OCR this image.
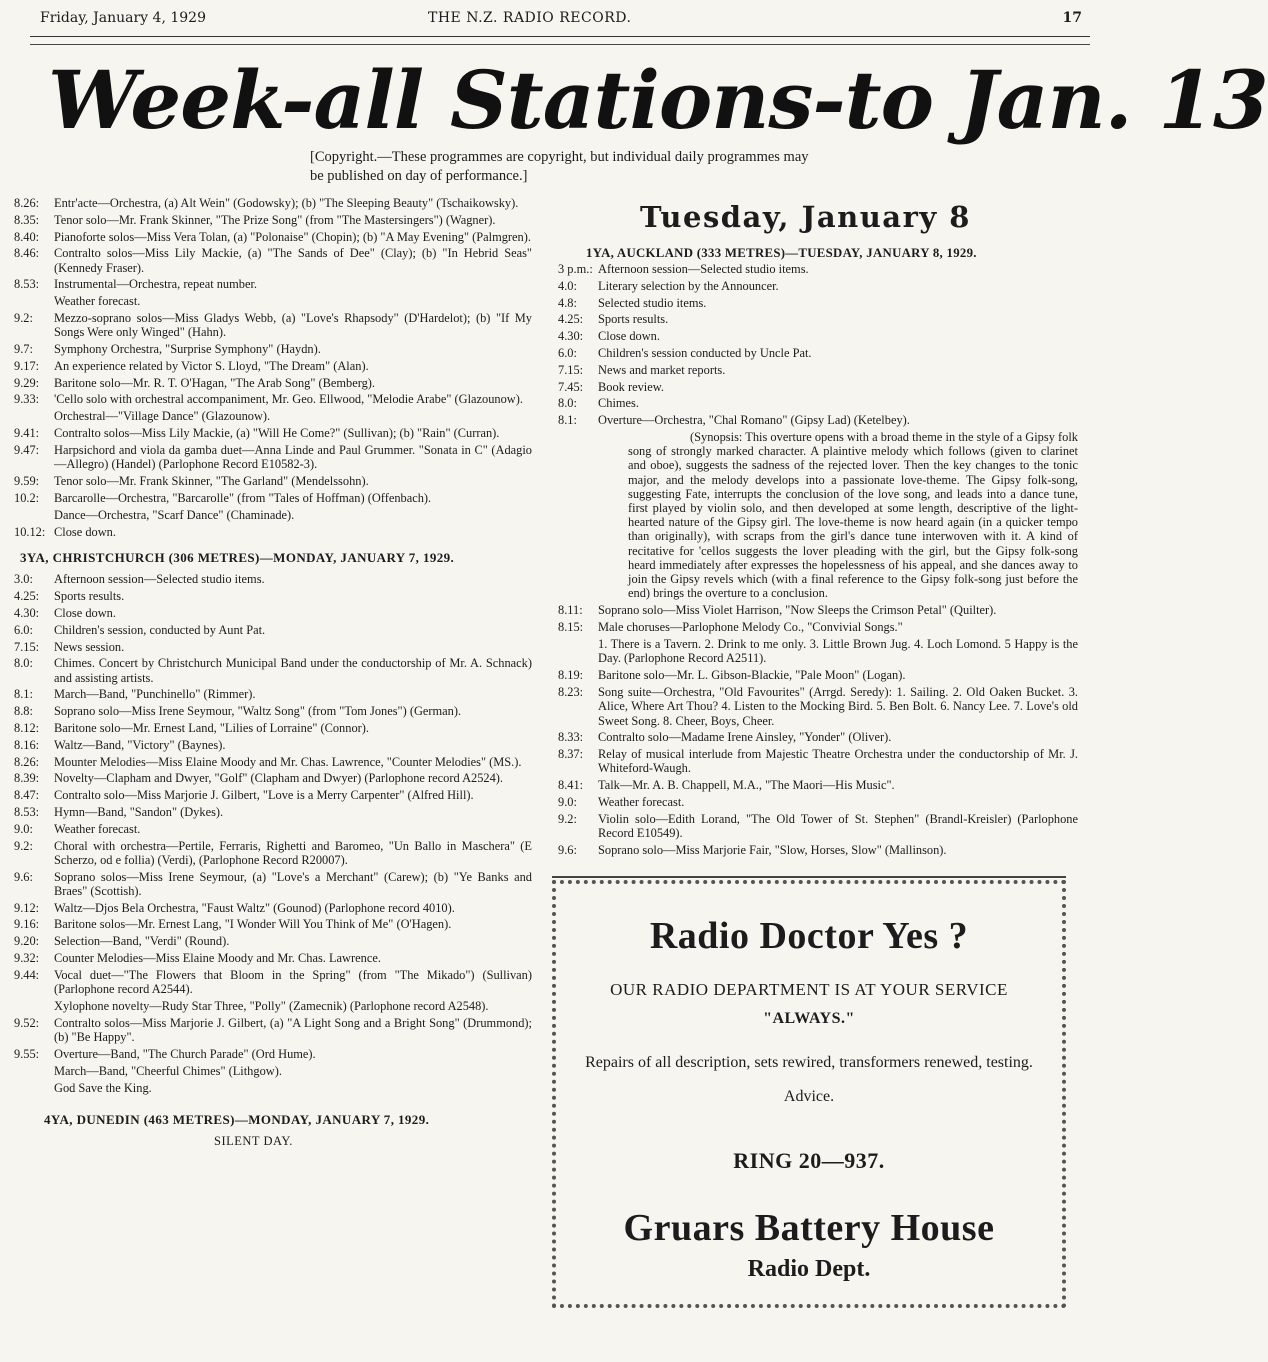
Friday, January 4, 1929	THE N.Z. RADIO RECORD.	17
Week-all Stations-to Jan. 13
[Copyright.—These programmes are copyright, but individual daily programmes may be published on day of performance.]
8.26:	Entr'acte—Orchestra, (a) Alt Wein" (Godowsky); (b) "The Sleeping Beauty" (Tschaikowsky).
8.35:	Tenor solo—Mr. Frank Skinner, "The Prize Song" (from "The Mastersingers") (Wagner).
8.40:	Pianoforte solos—Miss Vera Tolan, (a) "Polonaise" (Chopin); (b) "A May Evening" (Palmgren).
8.46:	Contralto solos—Miss Lily Mackie, (a) "The Sands of Dee" (Clay); (b) "In Hebrid Seas" (Kennedy Fraser).
8.53:	Instrumental—Orchestra, repeat number.
Weather forecast.
9.2:	Mezzo-soprano solos—Miss Gladys Webb, (a) "Love's Rhapsody" (D'Hardelot); (b) "If My Songs Were only Winged" (Hahn).
9.7:	Symphony Orchestra, "Surprise Symphony" (Haydn).
9.17:	An experience related by Victor S. Lloyd, "The Dream" (Alan).
9.29:	Baritone solo—Mr. R. T. O'Hagan, "The Arab Song" (Bemberg).
9.33:	'Cello solo with orchestral accompaniment, Mr. Geo. Ellwood, "Melodie Arabe" (Glazounow).
Orchestral—"Village Dance" (Glazounow).
9.41:	Contralto solos—Miss Lily Mackie, (a) "Will He Come?" (Sullivan); (b) "Rain" (Curran).
9.47:	Harpsichord and viola da gamba duet—Anna Linde and Paul Grummer. "Sonata in C" (Adagio—Allegro) (Handel) (Parlophone Record E10582-3).
9.59:	Tenor solo—Mr. Frank Skinner, "The Garland" (Mendelssohn).
10.2:	Barcarolle—Orchestra, "Barcarolle" (from "Tales of Hoffman) (Offenbach).
Dance—Orchestra, "Scarf Dance" (Chaminade).
10.12: Close down.
3YA, CHRISTCHURCH (306 METRES)—MONDAY, JANUARY 7, 1929.
3.0:	Afternoon session—Selected studio items.
4.25:	Sports results.
4.30:	Close down.
6.0:	Children's session, conducted by Aunt Pat.
7.15:	News session.
8.0:	Chimes. Concert by Christchurch Municipal Band under the conductorship of Mr. A. Schnack) and assisting artists.
8.1:	March—Band, "Punchinello" (Rimmer).
8.8:	Soprano solo—Miss Irene Seymour, "Waltz Song" (from "Tom Jones") (German).
8.12:	Baritone solo—Mr. Ernest Land, "Lilies of Lorraine" (Connor).
8.16:	Waltz—Band, "Victory" (Baynes).
8.26:	Mounter Melodies—Miss Elaine Moody and Mr. Chas. Lawrence, "Counter Melodies" (MS.).
8.39:	Novelty—Clapham and Dwyer, "Golf" (Clapham and Dwyer) (Parlophone record A2524).
8.47:	Contralto solo—Miss Marjorie J. Gilbert, "Love is a Merry Carpenter" (Alfred Hill).
8.53:	Hymn—Band, "Sandon" (Dykes).
9.0:	Weather forecast.
9.2:	Choral with orchestra—Pertile, Ferraris, Righetti and Baromeo, "Un Ballo in Maschera" (E Scherzo, od e follia) (Verdi), (Parlophone Record R20007).
9.6:	Soprano solos—Miss Irene Seymour, (a) "Love's a Merchant" (Carew); (b) "Ye Banks and Braes" (Scottish).
9.12:	Waltz—Djos Bela Orchestra, "Faust Waltz" (Gounod) (Parlophone record 4010).
9.16:	Baritone solos—Mr. Ernest Lang, "I Wonder Will You Think of Me" (O'Hagen).
9.20:	Selection—Band, "Verdi" (Round).
9.32:	Counter Melodies—Miss Elaine Moody and Mr. Chas. Lawrence.
9.44:	Vocal duet—"The Flowers that Bloom in the Spring" (from "The Mikado") (Sullivan) (Parlophone record A2544).
Xylophone novelty—Rudy Star Three, "Polly" (Zamecnik) (Parlophone record A2548).
9.52:	Contralto solos—Miss Marjorie J. Gilbert, (a) "A Light Song and a Bright Song" (Drummond); (b) "Be Happy".
9.55:	Overture—Band, "The Church Parade" (Ord Hume).
March—Band, "Cheerful Chimes" (Lithgow).
God Save the King.
4YA, DUNEDIN (463 METRES)—MONDAY, JANUARY 7, 1929.
SILENT DAY.
Tuesday, January 8
1YA, AUCKLAND (333 METRES)—TUESDAY, JANUARY 8, 1929.
3 p.m.: Afternoon session—Selected studio items.
4.0:	Literary selection by the Announcer.
4.8:	Selected studio items.
4.25:	Sports results.
4.30:	Close down.
6.0:	Children's session conducted by Uncle Pat.
7.15:	News and market reports.
7.45:	Book review.
8.0:	Chimes.
8.1:	Overture—Orchestra, "Chal Romano" (Gipsy Lad) (Ketelbey).
(Synopsis: This overture opens with a broad theme in the style of a Gipsy folk song of strongly marked character. A plaintive melody which follows (given to clarinet and oboe), suggests the sadness of the rejected lover. Then the key changes to the tonic major, and the melody develops into a passionate love-theme. The Gipsy folk-song, suggesting Fate, interrupts the conclusion of the love song, and leads into a dance tune, first played by violin solo, and then developed at some length, descriptive of the light-hearted nature of the Gipsy girl. The love-theme is now heard again (in a quicker tempo than originally), with scraps from the girl's dance tune interwoven with it. A kind of recitative for 'cellos suggests the lover pleading with the girl, but the Gipsy folk-song heard immediately after expresses the hopelessness of his appeal, and she dances away to join the Gipsy revels which (with a final reference to the Gipsy folk-song just before the end) brings the overture to a conclusion.
8.11:	Soprano solo—Miss Violet Harrison, "Now Sleeps the Crimson Petal" (Quilter).
8.15:	Male choruses—Parlophone Melody Co., "Convivial Songs."
1. There is a Tavern. 2. Drink to me only. 3. Little Brown Jug. 4. Loch Lomond. 5 Happy is the Day. (Parlophone Record A2511).
8.19:	Baritone solo—Mr. L. Gibson-Blackie, "Pale Moon" (Logan).
8.23:	Song suite—Orchestra, "Old Favourites" (Arrgd. Seredy): 1. Sailing. 2. Old Oaken Bucket. 3. Alice, Where Art Thou? 4. Listen to the Mocking Bird. 5. Ben Bolt. 6. Nancy Lee. 7. Love's old Sweet Song. 8. Cheer, Boys, Cheer.
8.33:	Contralto solo—Madame Irene Ainsley, "Yonder" (Oliver).
8.37:	Relay of musical interlude from Majestic Theatre Orchestra under the conductorship of Mr. J. Whiteford-Waugh.
8.41:	Talk—Mr. A. B. Chappell, M.A., "The Maori—His Music".
9.0:	Weather forecast.
9.2:	Violin solo—Edith Lorand, "The Old Tower of St. Stephen" (Brandl-Kreisler) (Parlophone Record E10549).
9.6:	Soprano solo—Miss Marjorie Fair, "Slow, Horses, Slow" (Mallinson).
Radio Doctor Yes ?
OUR RADIO DEPARTMENT IS AT YOUR SERVICE
"ALWAYS."
Repairs of all description, sets rewired, transformers renewed, testing. Advice.
RING 20—937.
Gruars Battery House
Radio Dept.
